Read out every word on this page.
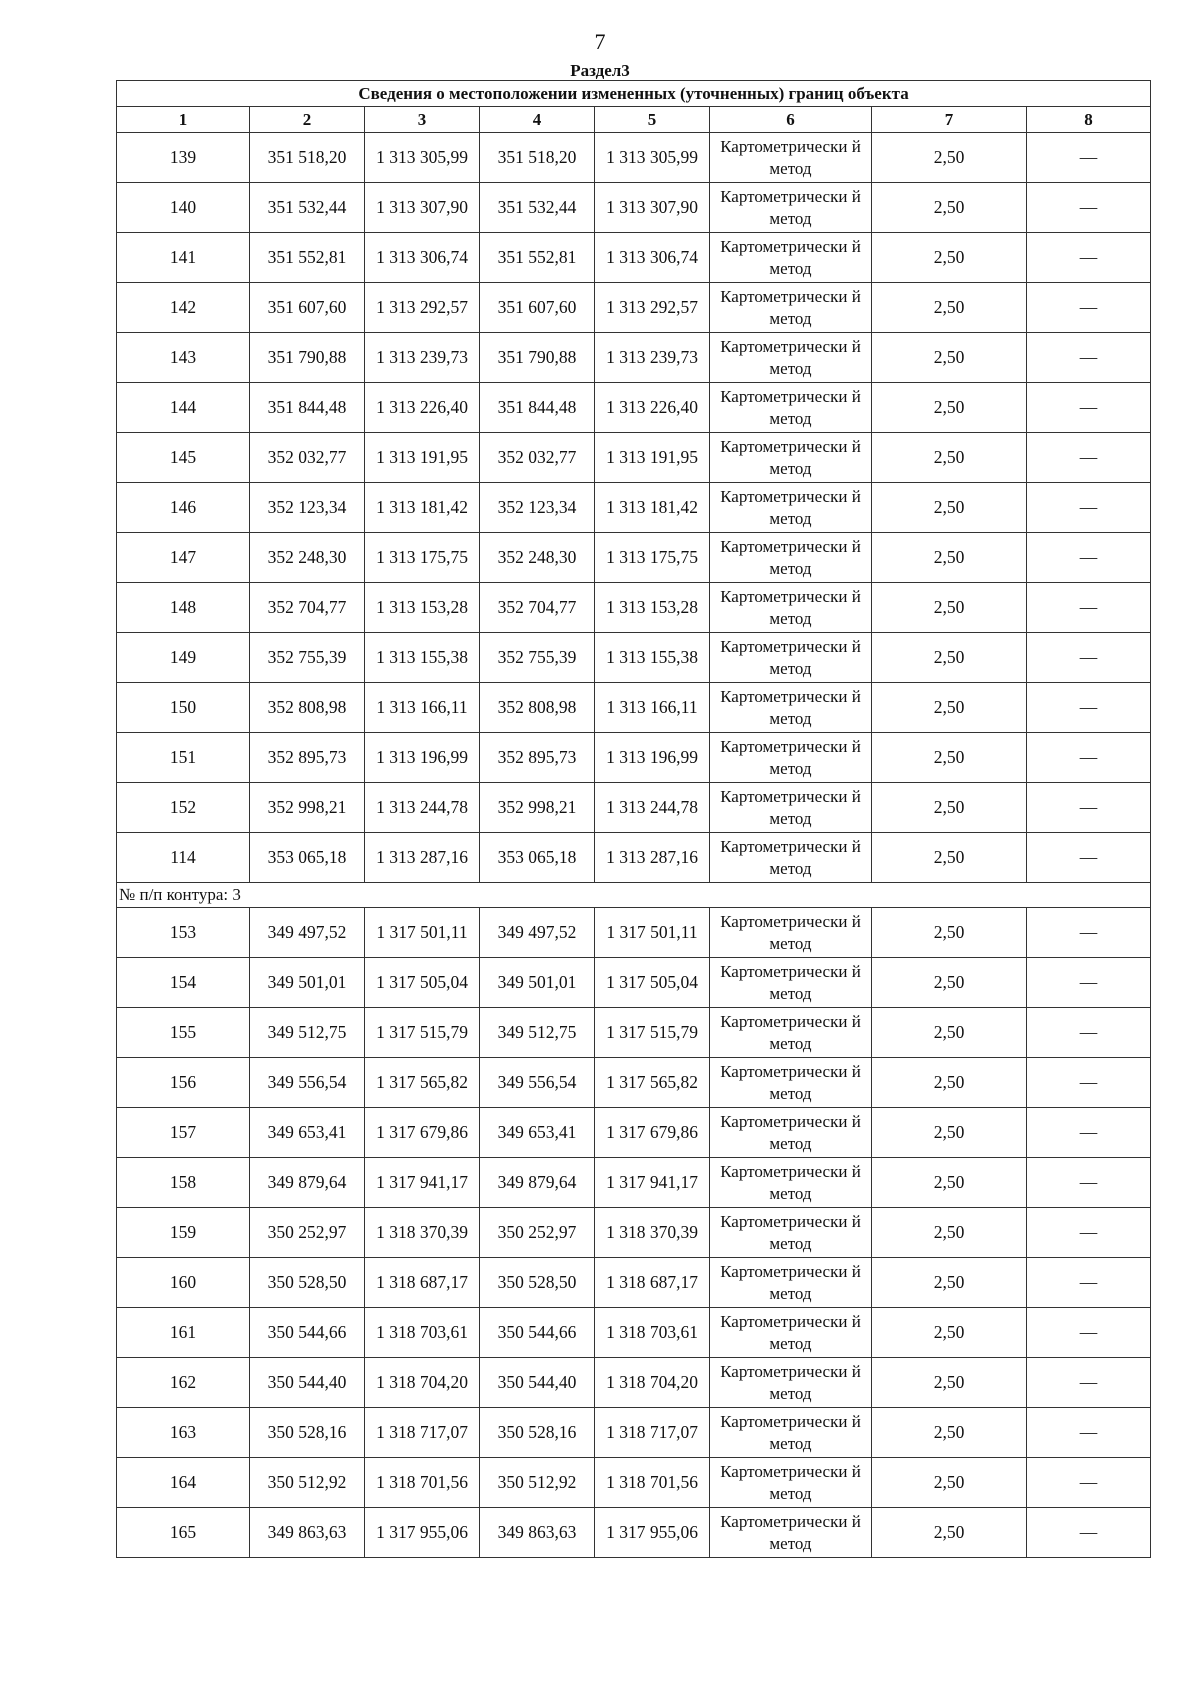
7
Раздел3
Сведения о местоположении измененных (уточненных) границ объекта							
1	2	3	4	5	6	7	8
139	351 518,20	1 313 305,99	351 518,20	1 313 305,99	Картометрически й метод	2,50	—
140	351 532,44	1 313 307,90	351 532,44	1 313 307,90	Картометрически й метод	2,50	—
141	351 552,81	1 313 306,74	351 552,81	1 313 306,74	Картометрически й метод	2,50	—
142	351 607,60	1 313 292,57	351 607,60	1 313 292,57	Картометрически й метод	2,50	—
143	351 790,88	1 313 239,73	351 790,88	1 313 239,73	Картометрически й метод	2,50	—
144	351 844,48	1 313 226,40	351 844,48	1 313 226,40	Картометрически й метод	2,50	—
145	352 032,77	1 313 191,95	352 032,77	1 313 191,95	Картометрически й метод	2,50	—
146	352 123,34	1 313 181,42	352 123,34	1 313 181,42	Картометрически й метод	2,50	—
147	352 248,30	1 313 175,75	352 248,30	1 313 175,75	Картометрически й метод	2,50	—
148	352 704,77	1 313 153,28	352 704,77	1 313 153,28	Картометрически й метод	2,50	—
149	352 755,39	1 313 155,38	352 755,39	1 313 155,38	Картометрически й метод	2,50	—
150	352 808,98	1 313 166,11	352 808,98	1 313 166,11	Картометрически й метод	2,50	—
151	352 895,73	1 313 196,99	352 895,73	1 313 196,99	Картометрически й метод	2,50	—
152	352 998,21	1 313 244,78	352 998,21	1 313 244,78	Картометрически й метод	2,50	—
114	353 065,18	1 313 287,16	353 065,18	1 313 287,16	Картометрически й метод	2,50	—
№ п/п контура: 3							
153	349 497,52	1 317 501,11	349 497,52	1 317 501,11	Картометрически й метод	2,50	—
154	349 501,01	1 317 505,04	349 501,01	1 317 505,04	Картометрически й метод	2,50	—
155	349 512,75	1 317 515,79	349 512,75	1 317 515,79	Картометрически й метод	2,50	—
156	349 556,54	1 317 565,82	349 556,54	1 317 565,82	Картометрически й метод	2,50	—
157	349 653,41	1 317 679,86	349 653,41	1 317 679,86	Картометрически й метод	2,50	—
158	349 879,64	1 317 941,17	349 879,64	1 317 941,17	Картометрически й метод	2,50	—
159	350 252,97	1 318 370,39	350 252,97	1 318 370,39	Картометрически й метод	2,50	—
160	350 528,50	1 318 687,17	350 528,50	1 318 687,17	Картометрически й метод	2,50	—
161	350 544,66	1 318 703,61	350 544,66	1 318 703,61	Картометрически й метод	2,50	—
162	350 544,40	1 318 704,20	350 544,40	1 318 704,20	Картометрически й метод	2,50	—
163	350 528,16	1 318 717,07	350 528,16	1 318 717,07	Картометрически й метод	2,50	—
164	350 512,92	1 318 701,56	350 512,92	1 318 701,56	Картометрически й метод	2,50	—
165	349 863,63	1 317 955,06	349 863,63	1 317 955,06	Картометрически й метод	2,50	—
